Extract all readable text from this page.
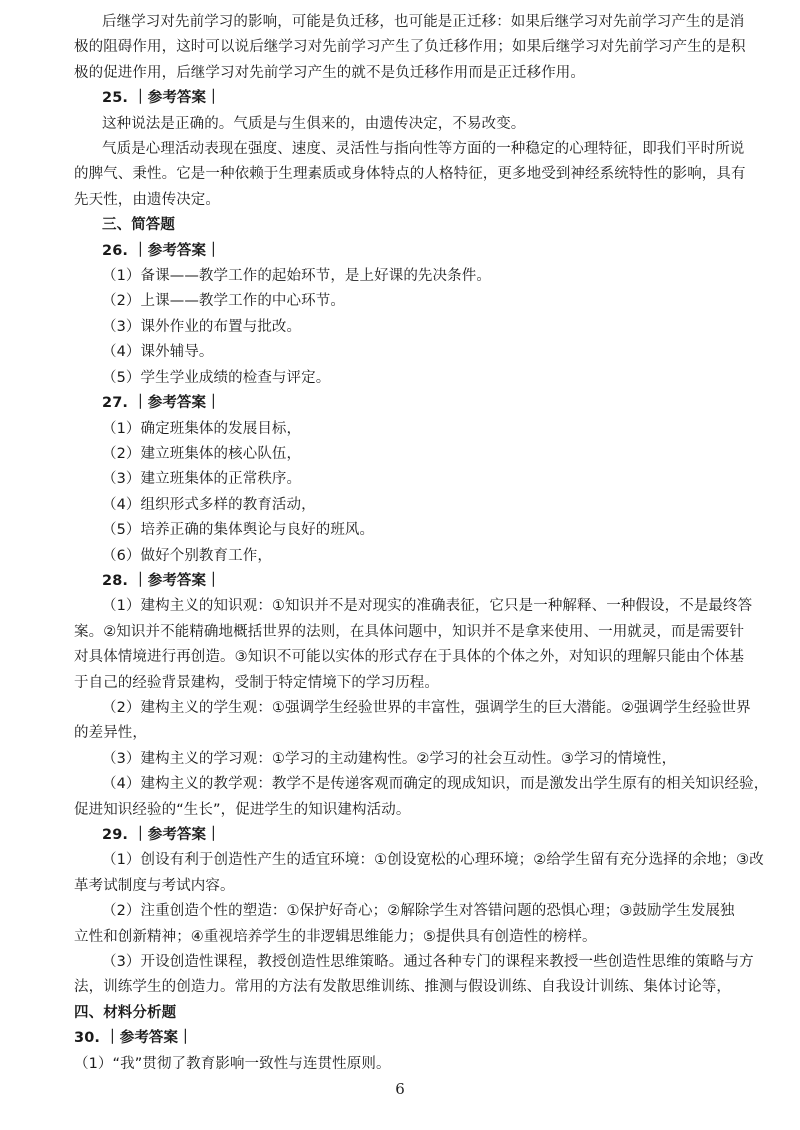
后继学习对先前学习的影响，可能是负迁移，也可能是正迁移：如果后继学习对先前学习产生的是消
极的阻碍作用，这时可以说后继学习对先前学习产生了负迁移作用；如果后继学习对先前学习产生的是积
极的促进作用，后继学习对先前学习产生的就不是负迁移作用而是正迁移作用。
25. ｜参考答案｜
这种说法是正确的。气质是与生俱来的，由遗传决定，不易改变。
气质是心理活动表现在强度、速度、灵活性与指向性等方面的一种稳定的心理特征，即我们平时所说
的脾气、秉性。它是一种依赖于生理素质或身体特点的人格特征，更多地受到神经系统特性的影响，具有
先天性，由遗传决定。
三、简答题
26. ｜参考答案｜
（1）备课——教学工作的起始环节，是上好课的先决条件。
（2）上课——教学工作的中心环节。
（3）课外作业的布置与批改。
（4）课外辅导。
（5）学生学业成绩的检查与评定。
27. ｜参考答案｜
（1）确定班集体的发展目标，
（2）建立班集体的核心队伍，
（3）建立班集体的正常秩序。
（4）组织形式多样的教育活动，
（5）培养正确的集体舆论与良好的班风。
（6）做好个别教育工作，
28. ｜参考答案｜
（1）建构主义的知识观：①知识并不是对现实的准确表征，它只是一种解释、一种假设，不是最终答
案。②知识并不能精确地概括世界的法则，在具体问题中，知识并不是拿来使用、一用就灵，而是需要针
对具体情境进行再创造。③知识不可能以实体的形式存在于具体的个体之外，对知识的理解只能由个体基
于自己的经验背景建构，受制于特定情境下的学习历程。
（2）建构主义的学生观：①强调学生经验世界的丰富性，强调学生的巨大潜能。②强调学生经验世界
的差异性，
（3）建构主义的学习观：①学习的主动建构性。②学习的社会互动性。③学习的情境性，
（4）建构主义的教学观：教学不是传递客观而确定的现成知识，而是激发出学生原有的相关知识经验，
促进知识经验的“生长”，促进学生的知识建构活动。
29. ｜参考答案｜
（1）创设有利于创造性产生的适宜环境：①创设宽松的心理环境；②给学生留有充分选择的余地；③改
革考试制度与考试内容。
（2）注重创造个性的塑造：①保护好奇心；②解除学生对答错问题的恐惧心理；③鼓励学生发展独
立性和创新精神；④重视培养学生的非逻辑思维能力；⑤提供具有创造性的榜样。
（3）开设创造性课程，教授创造性思维策略。通过各种专门的课程来教授一些创造性思维的策略与方
法，训练学生的创造力。常用的方法有发散思维训练、推测与假设训练、自我设计训练、集体讨论等，
四、材料分析题
30. ｜参考答案｜
（1）“我”贯彻了教育影响一致性与连贯性原则。
6
